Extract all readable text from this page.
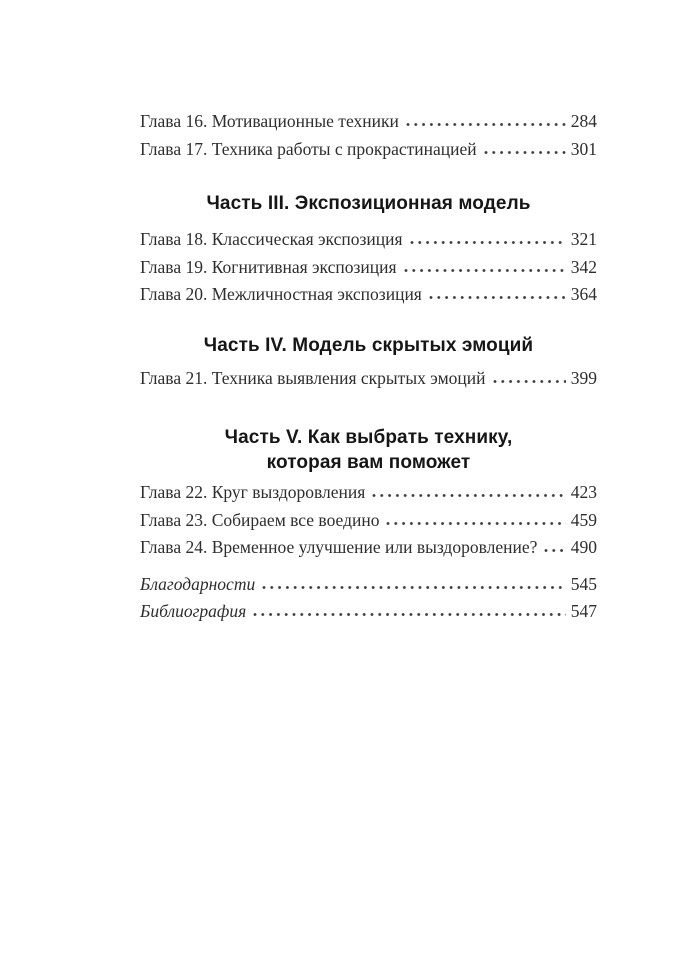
Глава 16. Мотивационные техники	284
Глава 17. Техника работы с прокрастинацией	301
Часть III. Экспозиционная модель
Глава 18. Классическая экспозиция	321
Глава 19. Когнитивная экспозиция	342
Глава 20. Межличностная экспозиция	364
Часть IV. Модель скрытых эмоций
Глава 21. Техника выявления скрытых эмоций	399
Часть V. Как выбрать технику,
которая вам поможет
Глава 22. Круг выздоровления	423
Глава 23. Собираем все воедино	459
Глава 24. Временное улучшение или выздоровление? 490
Благодарности	545
Библиография	547
